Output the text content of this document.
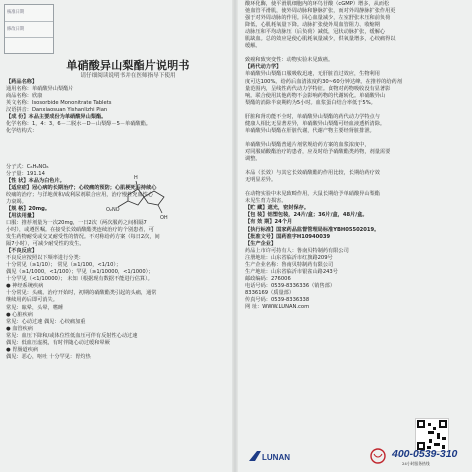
核准日期
修改日期
单硝酸异山梨酯片说明书
请仔细阅读说明书并在医师指导下使用

【药品名称】

通用名称：单硝酸异山梨酯片

商品名称：欣康

英文名称：Isosorbide Mononitrate Tablets

汉语拼音：Danxiaosuan Yishanlizhi Pian

【成 份】本品主要成份为单硝酸异山梨酯。

化学名称：1，4：3，6－二脱水－D－山梨醇－5－单硝酸酯。

化学结构式：

分子式：C₆H₉NO₆

分子量：191.14

【性 状】本品为白色片。

【适应症】冠心病的长期治疗；心绞痛的预防；心肌梗死后持续心

绞痛的治疗；与洋地黄和/或利尿剂联合应用，治疗慢性充血性心

力衰竭。

【规 格】20mg。

【用法用量】

口服：推荐剂量为一次20mg，一日2次（两次服药之间相隔7

小时），或遵医嘱。在接受长效硝酸酯类连续治疗的个别患者，可

发生药物耐受或交叉耐受性的情况。不对称给药方案（每日2次，间

隔7小时），可减少耐受性的发生。

【不良反应】

不良反应按照以下频率进行分类：

十分常见（≥1/10）； 常见（≥1/100，<1/10）；

偶见（≥1/1000，<1/100）；罕见（≥1/10000，<1/1000）；

十分罕见（<1/10000）； 未知（根据现有数据不能进行估算）。

● 神经系统疾病

十分常见：头痛。治疗开始时，初期的硝酸酯类引起的头痛，通常

继续用药后即可消失。

常见：眩晕，头晕，嗜睡

● 心脏疾病

常见：心动过速 偶见：心绞痛加重

● 血管疾病

常见：血压下降和/或体位性低血压可伴有反射性心动过速

偶见：低血压虚脱，有时伴随心动过缓和晕厥

● 胃肠道疾病

偶见：恶心，呕吐 十分罕见：胃灼热

H
OH
O₂NO

酸环化酶，使平滑肌细胞内的环鸟苷酸（cGMP）增多，从而松

弛血管平滑肌，使外周动脉和静脉扩张，而对外周静脉扩张作用更

强于对外周动脉的作用。回心血量减少，左室舒张末压和前负荷

降低，心肌耗氧量下降。动脉扩张使外周血管阻力、收缩期

动脉压和平均动脉压（后负荷）减低，冠状动脉扩张，缓解心

肌缺血。总的效应是使心肌耗氧量减少，供氧量增多，心绞痛得以

缓解。

致癌和致突变性：动物实验未见致癌。

【药代动力学】

单硝酸异山梨酯口服吸收迅速，无肝脏首过效应，生物利用

度可达100%。给药后血清浓度约30~60分钟达峰。在推荐的给药剂

量范围内，呈线性药代动力学特征。食物对药物吸收没有显著影

响。联合使用其他药物不会影响药物的代谢转化。单硝酸异山

梨酯的消除半衰期约为5小时。血浆蛋白结合率低于5%。

肝脏和肾功能不全时，单硝酸异山梨酯的药代动力学特点与

健康人相比无显著差异，单硝酸异山梨酯可经血液透析清除。

单硝酸异山梨酯在肝脏代谢，代谢产物主要经肾脏排泄。

单硝酸异山梨酯普通片剂常规给药方案的血浆浓度中，

对同服硝酸酯治疗的患者，应及时给予硝酸酯类药物，剂量需要

调整。

本品（长效）与其它长效硝酸酯的作用比较，长期给药疗效

无明显差异。

在动物实验中未见致畸作用，大鼠长期给予单硝酸异山梨酯

未见生育力损害。

【贮 藏】遮光，密封保存。

【包 装】铝塑包装，24片/盒；36片/盒，48片/盒。

【有 效 期】24个月

【执行标准】国家药品监督管理局标准YBH05502019。

【批准文号】国药准字H10940039

【生产企业】

药品上市许可持有人：鲁南贝特制药有限公司

注册地址：山东省临沂市红旗路209号

生产企业名称：鲁南贝特制药有限公司

生产地址：山东省临沂市银雀山路243号

邮政编码：276006

电话号码：0539-8336336（销售部）

8336169（质量部）

传真号码：0539-8336338

网 址：WWW.LUNAN.com

LUNAN	400-0539-310
24小时服务热线
